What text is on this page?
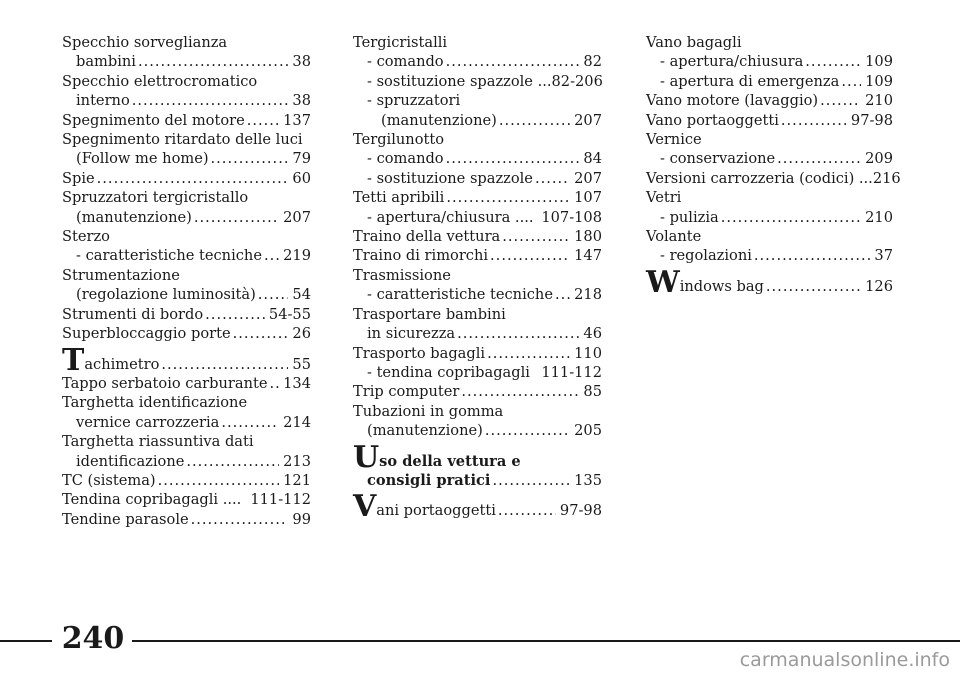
Specchio sorveglianza
bambini .....	38
Specchio elettrocromatico
interno .....	38
Spegnimento del motore .....	137
Spegnimento ritardato delle luci
(Follow me home) .....	79
Spie .....	60
Spruzzatori tergicristallo
(manutenzione) .....	207
Sterzo
- caratteristiche tecniche ..... 219
Strumentazione
(regolazione luminosità) .....	54
Strumenti di bordo .....	54-55
Superbloccaggio porte .....	26
Tachimetro .....	55
Tappo serbatoio carburante ..... 134
Targhetta identificazione
vernice carrozzeria .....	214
Targhetta riassuntiva dati
identificazione .....	213
TC (sistema) .....	121
Tendina copribagagli .... 111-112
Tendine parasole .....	99
Tergicristalli
- comando .....	82
- sostituzione spazzole ... 82-206
- spruzzatori
(manutenzione) .....	207
Tergilunotto
- comando .....	84
- sostituzione spazzole .....	207
Tetti apribili .....	107
- apertura/chiusura .... 107-108
Traino della vettura .....	180
Traino di rimorchi .....	147
Trasmissione
- caratteristiche tecniche ..... 218
Trasportare bambini
in sicurezza .....	46
Trasporto bagagli .....	110
- tendina copribagagli 111-112
Trip computer .....	85
Tubazioni in gomma
(manutenzione) .....	205
Uso della vettura e
consigli pratici .....	135
Vani portaoggetti .....	97-98
Vano bagagli
- apertura/chiusura .....	109
- apertura di emergenza ..... 109
Vano motore (lavaggio) .....	210
Vano portaoggetti .....	97-98
Vernice
- conservazione .....	209
Versioni carrozzeria (codici) ... 216
Vetri
- pulizia .....	210
Volante
- regolazioni .....	37
Windows bag .....	126
240
carmanualsonline.info
